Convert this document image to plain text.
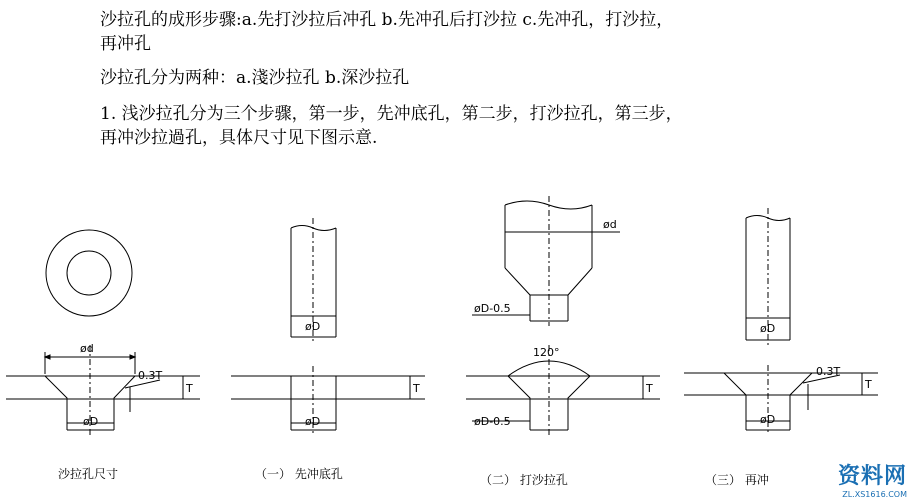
沙拉孔的成形步骤:a.先打沙拉后冲孔 b.先冲孔后打沙拉 c.先冲孔，打沙拉，
再冲孔
沙拉孔分为两种：a.淺沙拉孔 b.深沙拉孔
1. 浅沙拉孔分为三个步骤，第一步，先冲底孔，第二步，打沙拉孔，第三步，
再冲沙拉過孔，具体尺寸见下图示意.
ød
øD
0.3T
T
沙拉孔尺寸
øD
øD
T
（一） 先冲底孔
ød
øD-0.5
120°
øD-0.5
T
（二） 打沙拉孔
øD
øD
0.3T
T
（三） 再冲	资料网
ZL.XS1616.COM
